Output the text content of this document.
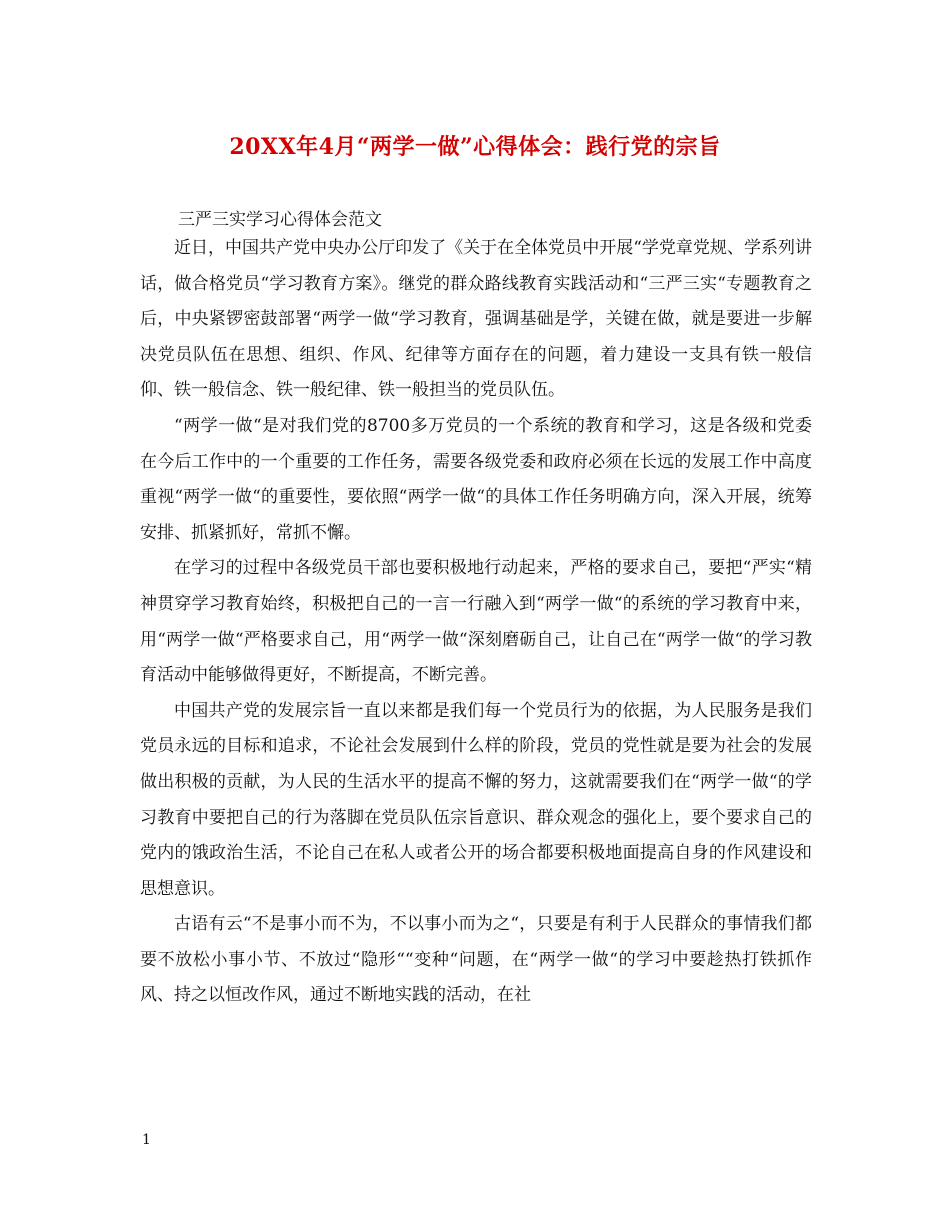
20XX年4月“两学一做”心得体会：践行党的宗旨
三严三实学习心得体会范文

近日，中国共产党中央办公厅印发了《关于在全体党员中开展“学党章党规、学系列讲话，做合格党员“学习教育方案》。继党的群众路线教育实践活动和“三严三实“专题教育之后，中央紧锣密鼓部署“两学一做“学习教育，强调基础是学，关键在做，就是要进一步解决党员队伍在思想、组织、作风、纪律等方面存在的问题，着力建设一支具有铁一般信仰、铁一般信念、铁一般纪律、铁一般担当的党员队伍。

“两学一做“是对我们党的8700多万党员的一个系统的教育和学习，这是各级和党委在今后工作中的一个重要的工作任务，需要各级党委和政府必须在长远的发展工作中高度重视“两学一做“的重要性，要依照“两学一做“的具体工作任务明确方向，深入开展，统筹安排、抓紧抓好，常抓不懈。

在学习的过程中各级党员干部也要积极地行动起来，严格的要求自己，要把“严实“精神贯穿学习教育始终，积极把自己的一言一行融入到“两学一做“的系统的学习教育中来，用“两学一做“严格要求自己，用“两学一做“深刻磨砺自己，让自己在“两学一做“的学习教育活动中能够做得更好，不断提高，不断完善。

中国共产党的发展宗旨一直以来都是我们每一个党员行为的依据，为人民服务是我们党员永远的目标和追求，不论社会发展到什么样的阶段，党员的党性就是要为社会的发展做出积极的贡献，为人民的生活水平的提高不懈的努力，这就需要我们在“两学一做“的学习教育中要把自己的行为落脚在党员队伍宗旨意识、群众观念的强化上，要个要求自己的党内的饿政治生活，不论自己在私人或者公开的场合都要积极地面提高自身的作风建设和思想意识。

古语有云“不是事小而不为，不以事小而为之“，只要是有利于人民群众的事情我们都要不放松小事小节、不放过“隐形““变种“问题，在“两学一做“的学习中要趁热打铁抓作风、持之以恒改作风，通过不断地实践的活动，在社

1
